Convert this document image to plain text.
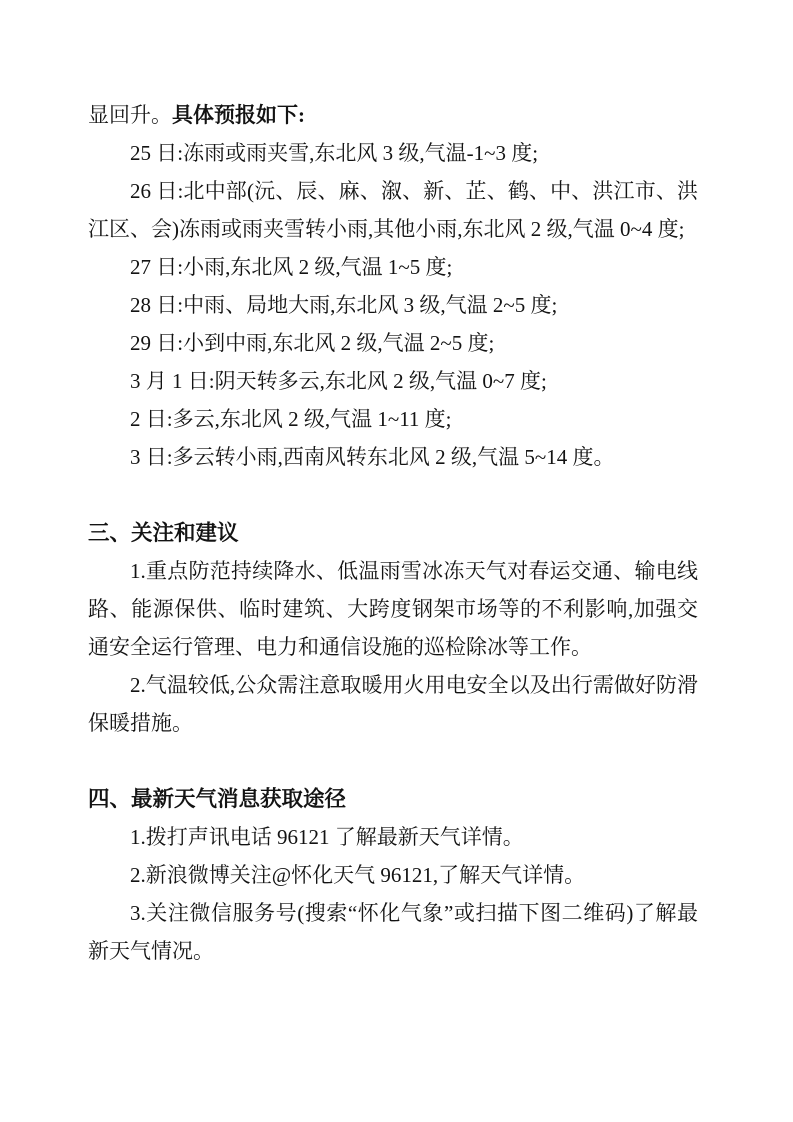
显回升。具体预报如下:

25 日:冻雨或雨夹雪,东北风 3 级,气温-1~3 度;

26 日:北中部(沅、辰、麻、溆、新、芷、鹤、中、洪江市、洪江区、会)冻雨或雨夹雪转小雨,其他小雨,东北风 2 级,气温 0~4 度;

27 日:小雨,东北风 2 级,气温 1~5 度;

28 日:中雨、局地大雨,东北风 3 级,气温 2~5 度;

29 日:小到中雨,东北风 2 级,气温 2~5 度;

3 月 1 日:阴天转多云,东北风 2 级,气温 0~7 度;

2 日:多云,东北风 2 级,气温 1~11 度;

3 日:多云转小雨,西南风转东北风 2 级,气温 5~14 度。

三、关注和建议

1.重点防范持续降水、低温雨雪冰冻天气对春运交通、输电线路、能源保供、临时建筑、大跨度钢架市场等的不利影响,加强交通安全运行管理、电力和通信设施的巡检除冰等工作。

2.气温较低,公众需注意取暖用火用电安全以及出行需做好防滑保暖措施。

四、最新天气消息获取途径

1.拨打声讯电话 96121 了解最新天气详情。

2.新浪微博关注@怀化天气 96121,了解天气详情。

3.关注微信服务号(搜索“怀化气象”或扫描下图二维码)了解最新天气情况。
